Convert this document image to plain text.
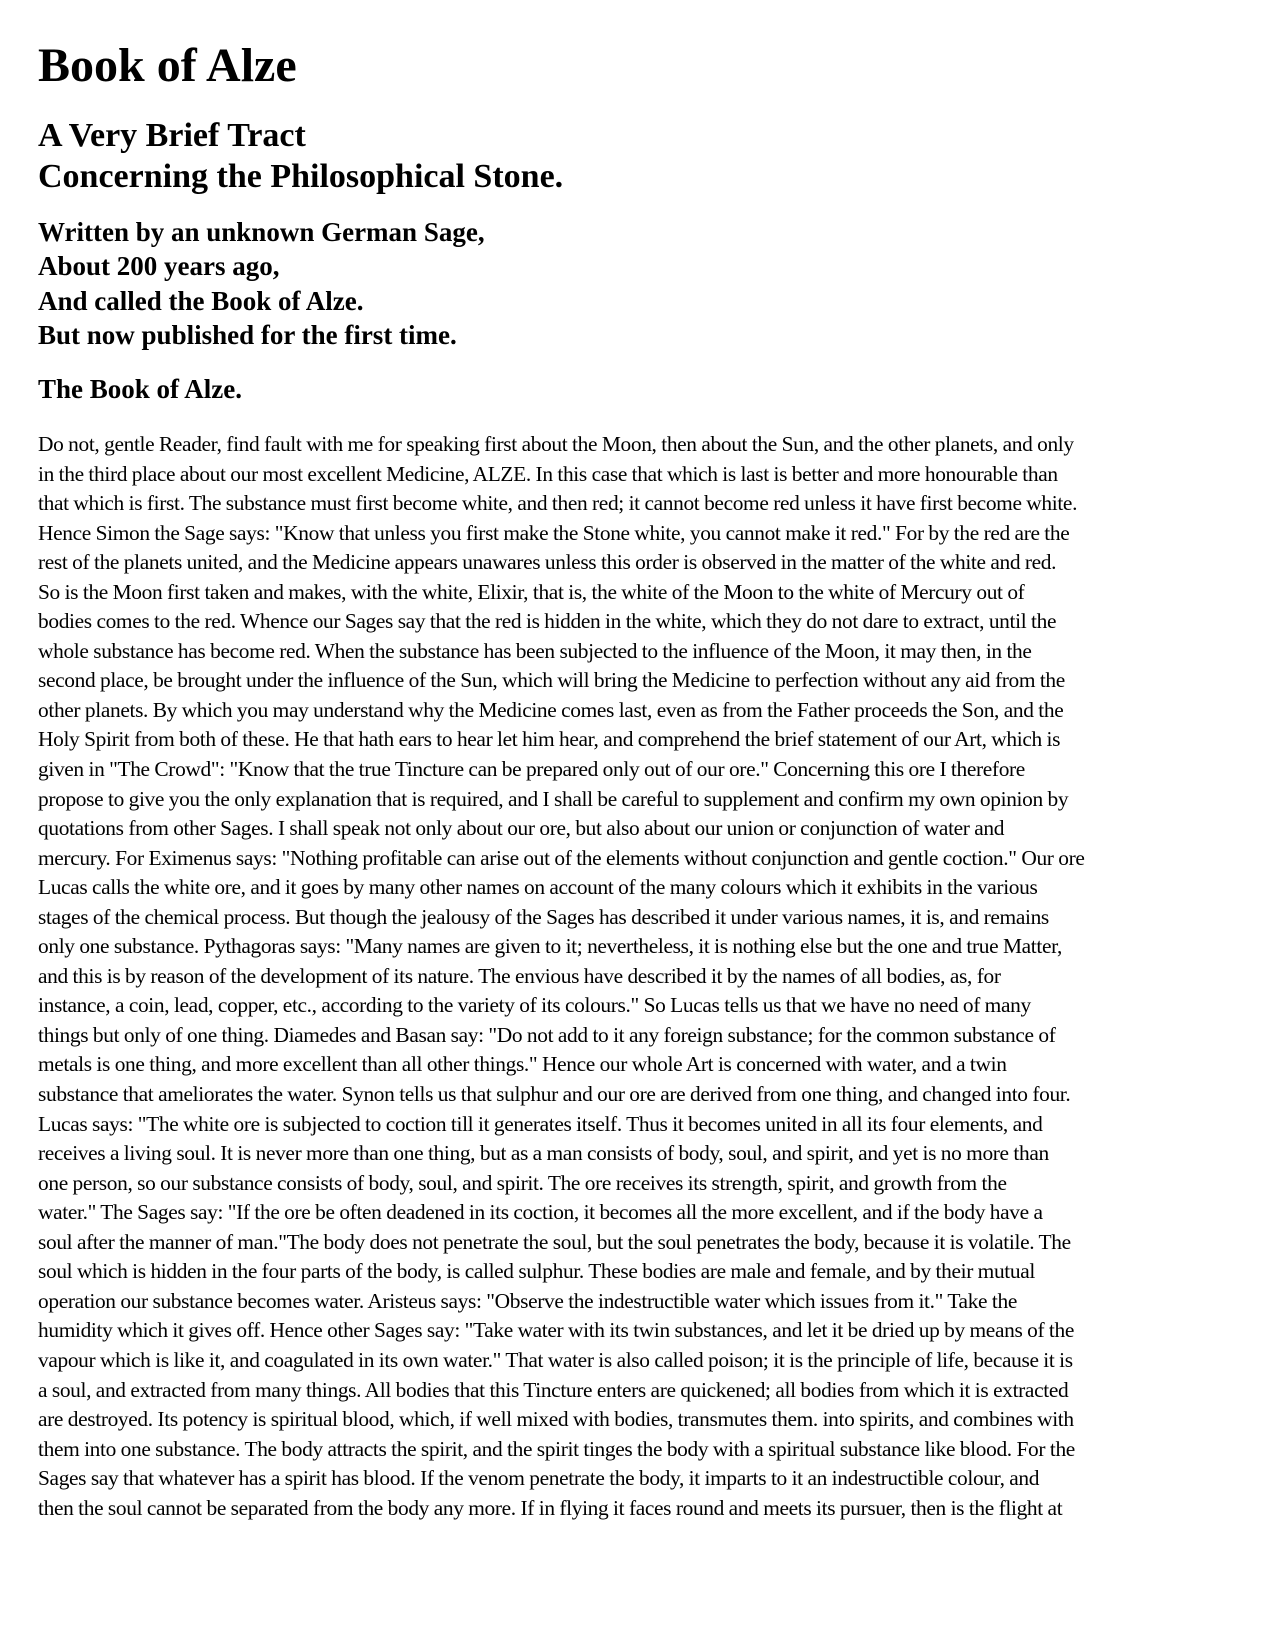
Book of Alze
A Very Brief Tract
Concerning the Philosophical Stone.
Written by an unknown German Sage,
About 200 years ago,
And called the Book of Alze.
But now published for the first time.
The Book of Alze.

Do not, gentle Reader, find fault with me for speaking first about the Moon, then about the Sun, and the other planets, and only
in the third place about our most excellent Medicine, ALZE. In this case that which is last is better and more honourable than
that which is first. The substance must first become white, and then red; it cannot become red unless it have first become white.
Hence Simon the Sage says: "Know that unless you first make the Stone white, you cannot make it red." For by the red are the
rest of the planets united, and the Medicine appears unawares unless this order is observed in the matter of the white and red.
So is the Moon first taken and makes, with the white, Elixir, that is, the white of the Moon to the white of Mercury out of
bodies comes to the red. Whence our Sages say that the red is hidden in the white, which they do not dare to extract, until the
whole substance has become red. When the substance has been subjected to the influence of the Moon, it may then, in the
second place, be brought under the influence of the Sun, which will bring the Medicine to perfection without any aid from the
other planets. By which you may understand why the Medicine comes last, even as from the Father proceeds the Son, and the
Holy Spirit from both of these. He that hath ears to hear let him hear, and comprehend the brief statement of our Art, which is
given in "The Crowd": "Know that the true Tincture can be prepared only out of our ore." Concerning this ore I therefore
propose to give you the only explanation that is required, and I shall be careful to supplement and confirm my own opinion by
quotations from other Sages. I shall speak not only about our ore, but also about our union or conjunction of water and
mercury. For Eximenus says: "Nothing profitable can arise out of the elements without conjunction and gentle coction." Our ore
Lucas calls the white ore, and it goes by many other names on account of the many colours which it exhibits in the various
stages of the chemical process. But though the jealousy of the Sages has described it under various names, it is, and remains
only one substance. Pythagoras says: "Many names are given to it; nevertheless, it is nothing else but the one and true Matter,
and this is by reason of the development of its nature. The envious have described it by the names of all bodies, as, for
instance, a coin, lead, copper, etc., according to the variety of its colours." So Lucas tells us that we have no need of many
things but only of one thing. Diamedes and Basan say: "Do not add to it any foreign substance; for the common substance of
metals is one thing, and more excellent than all other things." Hence our whole Art is concerned with water, and a twin
substance that ameliorates the water. Synon tells us that sulphur and our ore are derived from one thing, and changed into four.
Lucas says: "The white ore is subjected to coction till it generates itself. Thus it becomes united in all its four elements, and
receives a living soul. It is never more than one thing, but as a man consists of body, soul, and spirit, and yet is no more than
one person, so our substance consists of body, soul, and spirit. The ore receives its strength, spirit, and growth from the
water." The Sages say: "If the ore be often deadened in its coction, it becomes all the more excellent, and if the body have a
soul after the manner of man."The body does not penetrate the soul, but the soul penetrates the body, because it is volatile. The
soul which is hidden in the four parts of the body, is called sulphur. These bodies are male and female, and by their mutual
operation our substance becomes water. Aristeus says: "Observe the indestructible water which issues from it." Take the
humidity which it gives off. Hence other Sages say: "Take water with its twin substances, and let it be dried up by means of the
vapour which is like it, and coagulated in its own water." That water is also called poison; it is the principle of life, because it is
a soul, and extracted from many things. All bodies that this Tincture enters are quickened; all bodies from which it is extracted
are destroyed. Its potency is spiritual blood, which, if well mixed with bodies, transmutes them. into spirits, and combines with
them into one substance. The body attracts the spirit, and the spirit tinges the body with a spiritual substance like blood. For the
Sages say that whatever has a spirit has blood. If the venom penetrate the body, it imparts to it an indestructible colour, and
then the soul cannot be separated from the body any more. If in flying it faces round and meets its pursuer, then is the flight at
